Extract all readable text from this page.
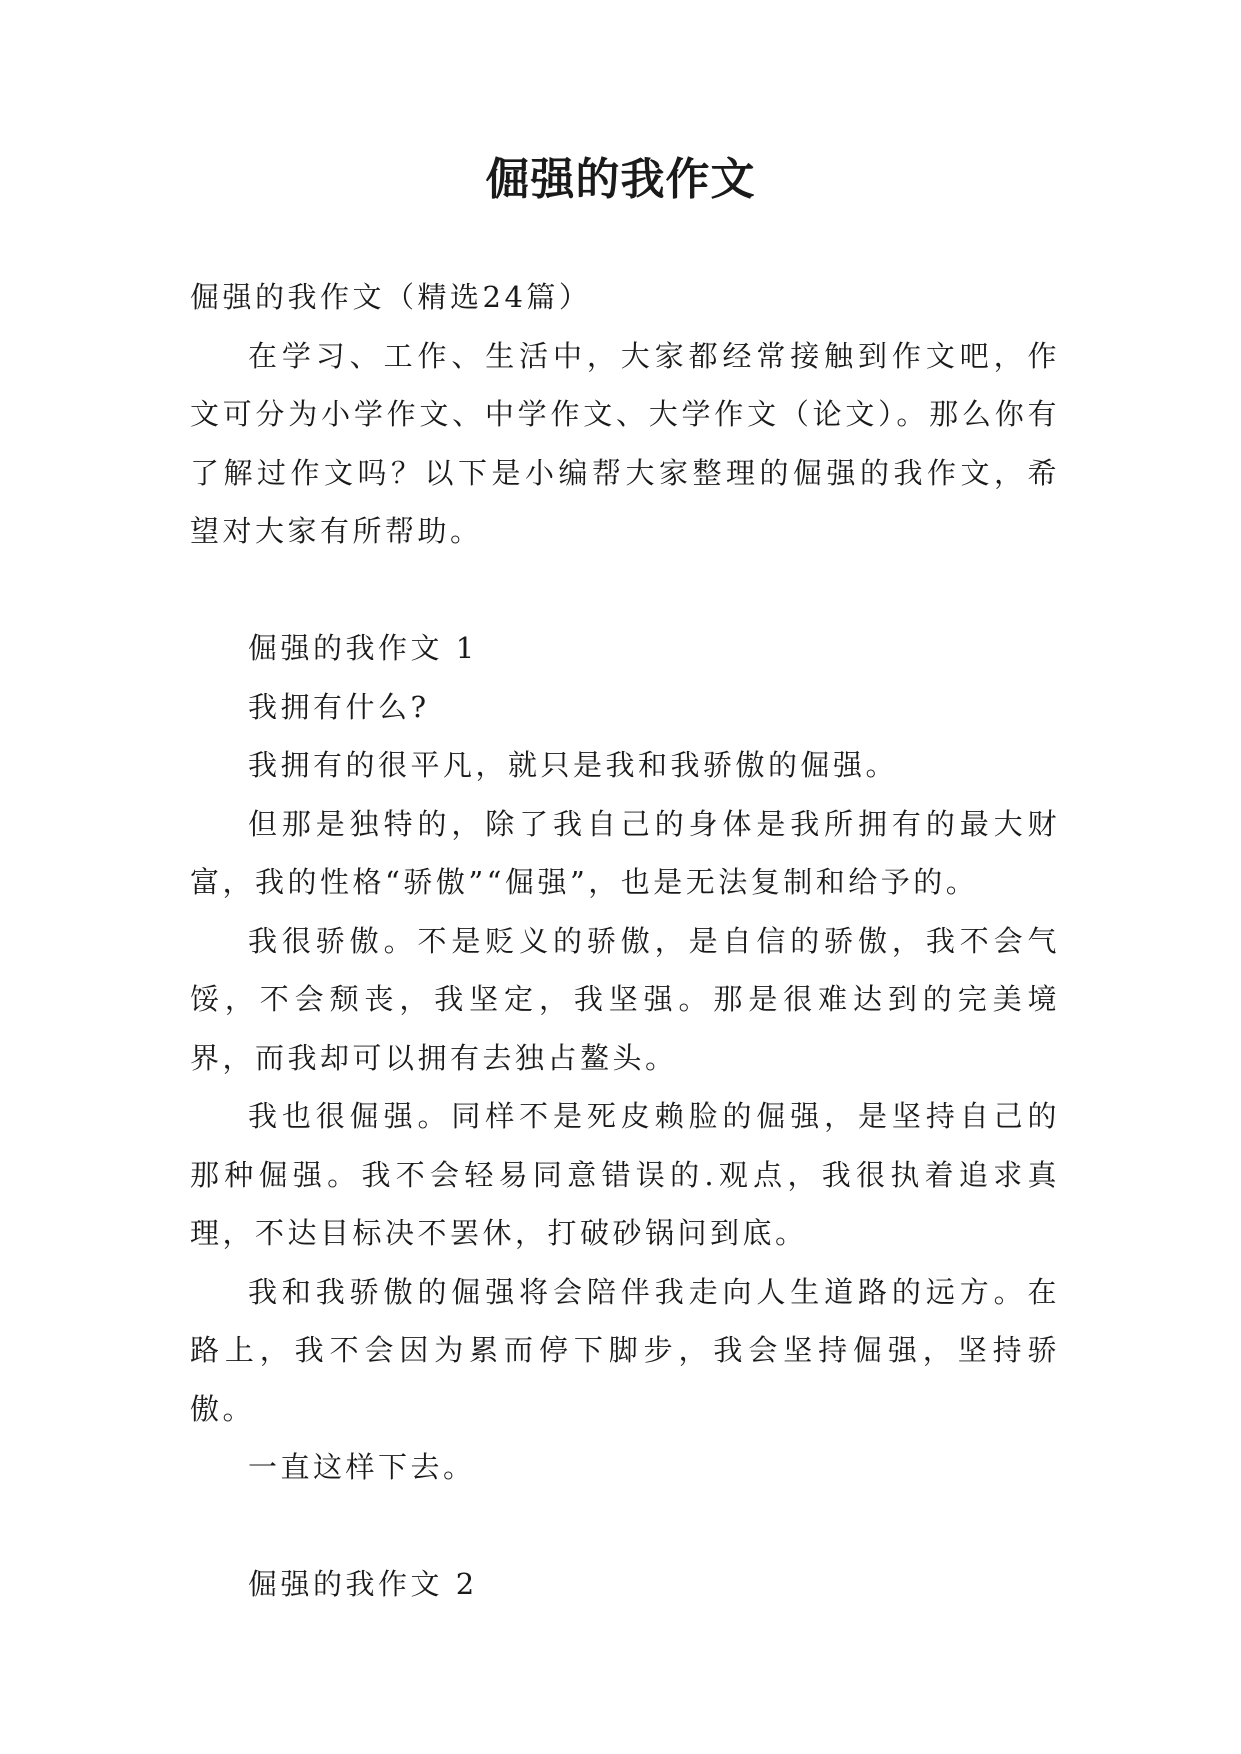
倔强的我作文

倔强的我作文（精选24篇）

在学习、工作、生活中，大家都经常接触到作文吧，作文可分为小学作文、中学作文、大学作文（论文）。那么你有了解过作文吗？以下是小编帮大家整理的倔强的我作文，希望对大家有所帮助。

倔强的我作文 1

我拥有什么?

我拥有的很平凡，就只是我和我骄傲的倔强。

但那是独特的，除了我自己的身体是我所拥有的最大财富，我的性格“骄傲”“倔强”，也是无法复制和给予的。

我很骄傲。不是贬义的骄傲，是自信的骄傲，我不会气馁，不会颓丧，我坚定，我坚强。那是很难达到的完美境界，而我却可以拥有去独占鳌头。

我也很倔强。同样不是死皮赖脸的倔强，是坚持自己的那种倔强。我不会轻易同意错误的.观点，我很执着追求真理，不达目标决不罢休，打破砂锅问到底。

我和我骄傲的倔强将会陪伴我走向人生道路的远方。在路上，我不会因为累而停下脚步，我会坚持倔强，坚持骄傲。

一直这样下去。

倔强的我作文 2
